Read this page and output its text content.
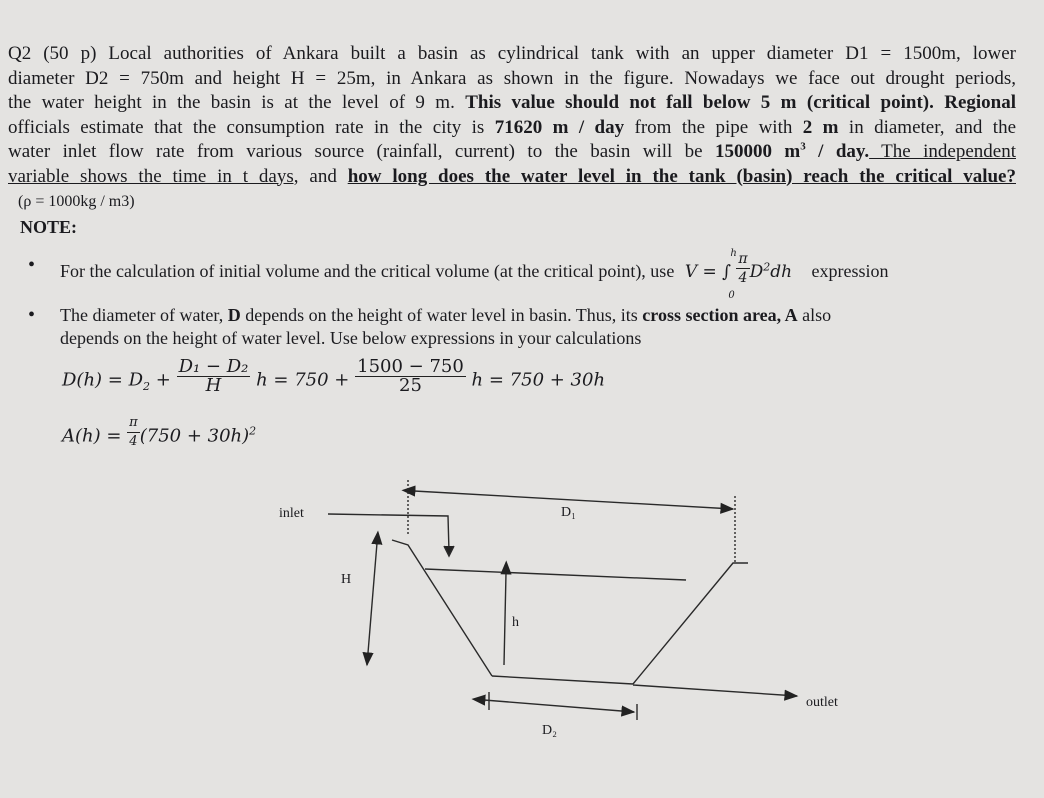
Q2 (50 p) Local authorities of Ankara built a basin as cylindrical tank with an upper diameter D1 = 1500m, lower
diameter D2 = 750m and height H = 25m, in Ankara as shown in the figure. Nowadays we face out drought periods,
the water height in the basin is at the level of 9 m. This value should not fall below 5 m (critical point). Regional
officials estimate that the consumption rate in the city is 71620 m / day from the pipe with 2 m in diameter, and the
water inlet flow rate from various source (rainfall, current) to the basin will be 150000 $m^3$ / day. The independent
variable shows the time in t days, and how long does the water level in the tank (basin) reach the critical value?
(ρ = 1000kg / m3)
NOTE:
• For the calculation of initial volume and the critical volume (at the critical point), use V = ∫
h
0
$\frac{\pi}{4} D^2dh$ expression
• The diameter of water, D depends on the height of water level in basin. Thus, its cross section area, A also
depends on the height of water level. Use below expressions in your calculations
$D(h) = D_2 + \frac{\text{D₁ − D₂}}{H}$ $h = 750 + \frac{1500 - 750}{25}$ h = 750 + 30h
$A(h) = \frac{\pi}{4} (750 + 30h)^2$
inlet
outlet
H
h
D₁
D₂
